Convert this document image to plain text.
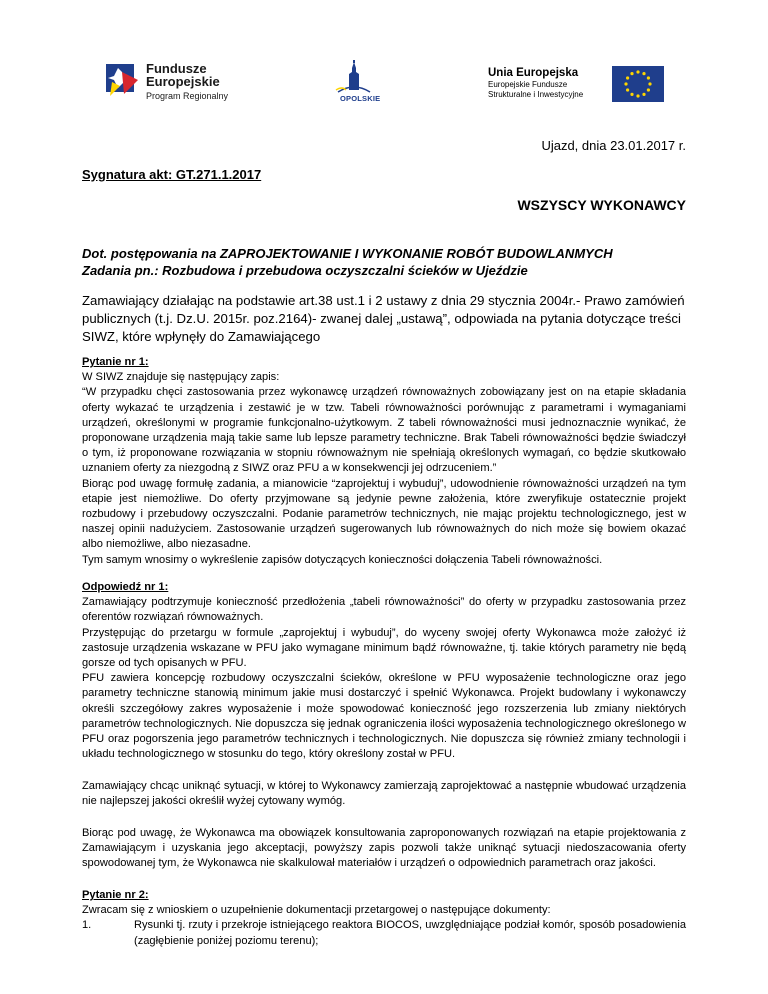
Fundusze
Europejskie
Program Regionalny	OPOLSKIE
Unia Europejska
Europejskie Fundusze
Strukturalne i Inwestycyjne
Ujazd, dnia 23.01.2017 r.
Sygnatura akt: GT.271.1.2017
WSZYSCY WYKONAWCY
Dot. postępowania na ZAPROJEKTOWANIE I WYKONANIE ROBÓT BUDOWLANMYCH
Zadania pn.: Rozbudowa i przebudowa oczyszczalni ścieków w Ujeździe
Zamawiający działając na podstawie art.38 ust.1 i 2 ustawy z dnia 29 stycznia 2004r.- Prawo zamówień publicznych (t.j. Dz.U. 2015r. poz.2164)- zwanej dalej „ustawą”, odpowiada na pytania dotyczące treści SIWZ, które wpłynęły do Zamawiającego

Pytanie nr 1:

W SIWZ znajduje się następujący zapis:

“W przypadku chęci zastosowania przez wykonawcę urządzeń równoważnych zobowiązany jest on na etapie składania oferty wykazać te urządzenia i zestawić je w tzw. Tabeli równoważności porównując z parametrami i wymaganiami urządzeń, określonymi w programie funkcjonalno-użytkowym. Z tabeli równoważności musi jednoznacznie wynikać, że proponowane urządzenia mają takie same lub lepsze parametry techniczne. Brak Tabeli równoważności będzie świadczył o tym, iż proponowane rozwiązania w stopniu równoważnym nie spełniają określonych wymagań, co będzie skutkowało uznaniem oferty za niezgodną z SIWZ oraz PFU a w konsekwencji jej odrzuceniem.”

Biorąc pod uwagę formułę zadania, a mianowicie “zaprojektuj i wybuduj”, udowodnienie równoważności urządzeń na tym etapie jest niemożliwe. Do oferty przyjmowane są jedynie pewne założenia, które zweryfikuje ostatecznie projekt rozbudowy i przebudowy oczyszczalni. Podanie parametrów technicznych, nie mając projektu technologicznego, jest w naszej opinii nadużyciem. Zastosowanie urządzeń sugerowanych lub równoważnych do nich może się bowiem okazać albo niemożliwe, albo niezasadne.

Tym samym wnosimy o wykreślenie zapisów dotyczących konieczności dołączenia Tabeli równoważności.

Odpowiedź nr 1:

Zamawiający podtrzymuje konieczność przedłożenia „tabeli równoważności” do oferty w przypadku zastosowania przez oferentów rozwiązań równoważnych.

Przystępując do przetargu w formule „zaprojektuj i wybuduj”, do wyceny swojej oferty Wykonawca może założyć iż zastosuje urządzenia wskazane w PFU jako wymagane minimum bądź równoważne, tj. takie których parametry nie będą gorsze od tych opisanych w PFU.

PFU zawiera koncepcję rozbudowy oczyszczalni ścieków, określone w PFU wyposażenie technologiczne oraz jego parametry techniczne stanowią minimum jakie musi dostarczyć i spełnić Wykonawca. Projekt budowlany i wykonawczy określi szczegółowy zakres wyposażenie i może spowodować konieczność jego rozszerzenia lub zmiany niektórych parametrów technologicznych. Nie dopuszcza się jednak ograniczenia ilości wyposażenia technologicznego określonego w PFU oraz pogorszenia jego parametrów technicznych i technologicznych. Nie dopuszcza się również zmiany technologii i układu technologicznego w stosunku do tego, który określony został w PFU.

Zamawiający chcąc uniknąć sytuacji, w której to Wykonawcy zamierzają zaprojektować a następnie wbudować urządzenia nie najlepszej jakości określił wyżej cytowany wymóg.
Biorąc pod uwagę, że Wykonawca ma obowiązek konsultowania zaproponowanych rozwiązań na etapie projektowania z Zamawiającym i uzyskania jego akceptacji, powyższy zapis pozwoli także uniknąć sytuacji niedoszacowania oferty spowodowanej tym, że Wykonawca nie skalkulował materiałów i urządzeń o odpowiednich parametrach oraz jakości.

Pytanie nr 2:

Zwracam się z wnioskiem o uzupełnienie dokumentacji przetargowej o następujące dokumenty:

1.	Rysunki tj. rzuty i przekroje istniejącego reaktora BIOCOS, uwzględniające podział komór, sposób posadowienia (zagłębienie poniżej poziomu terenu);
